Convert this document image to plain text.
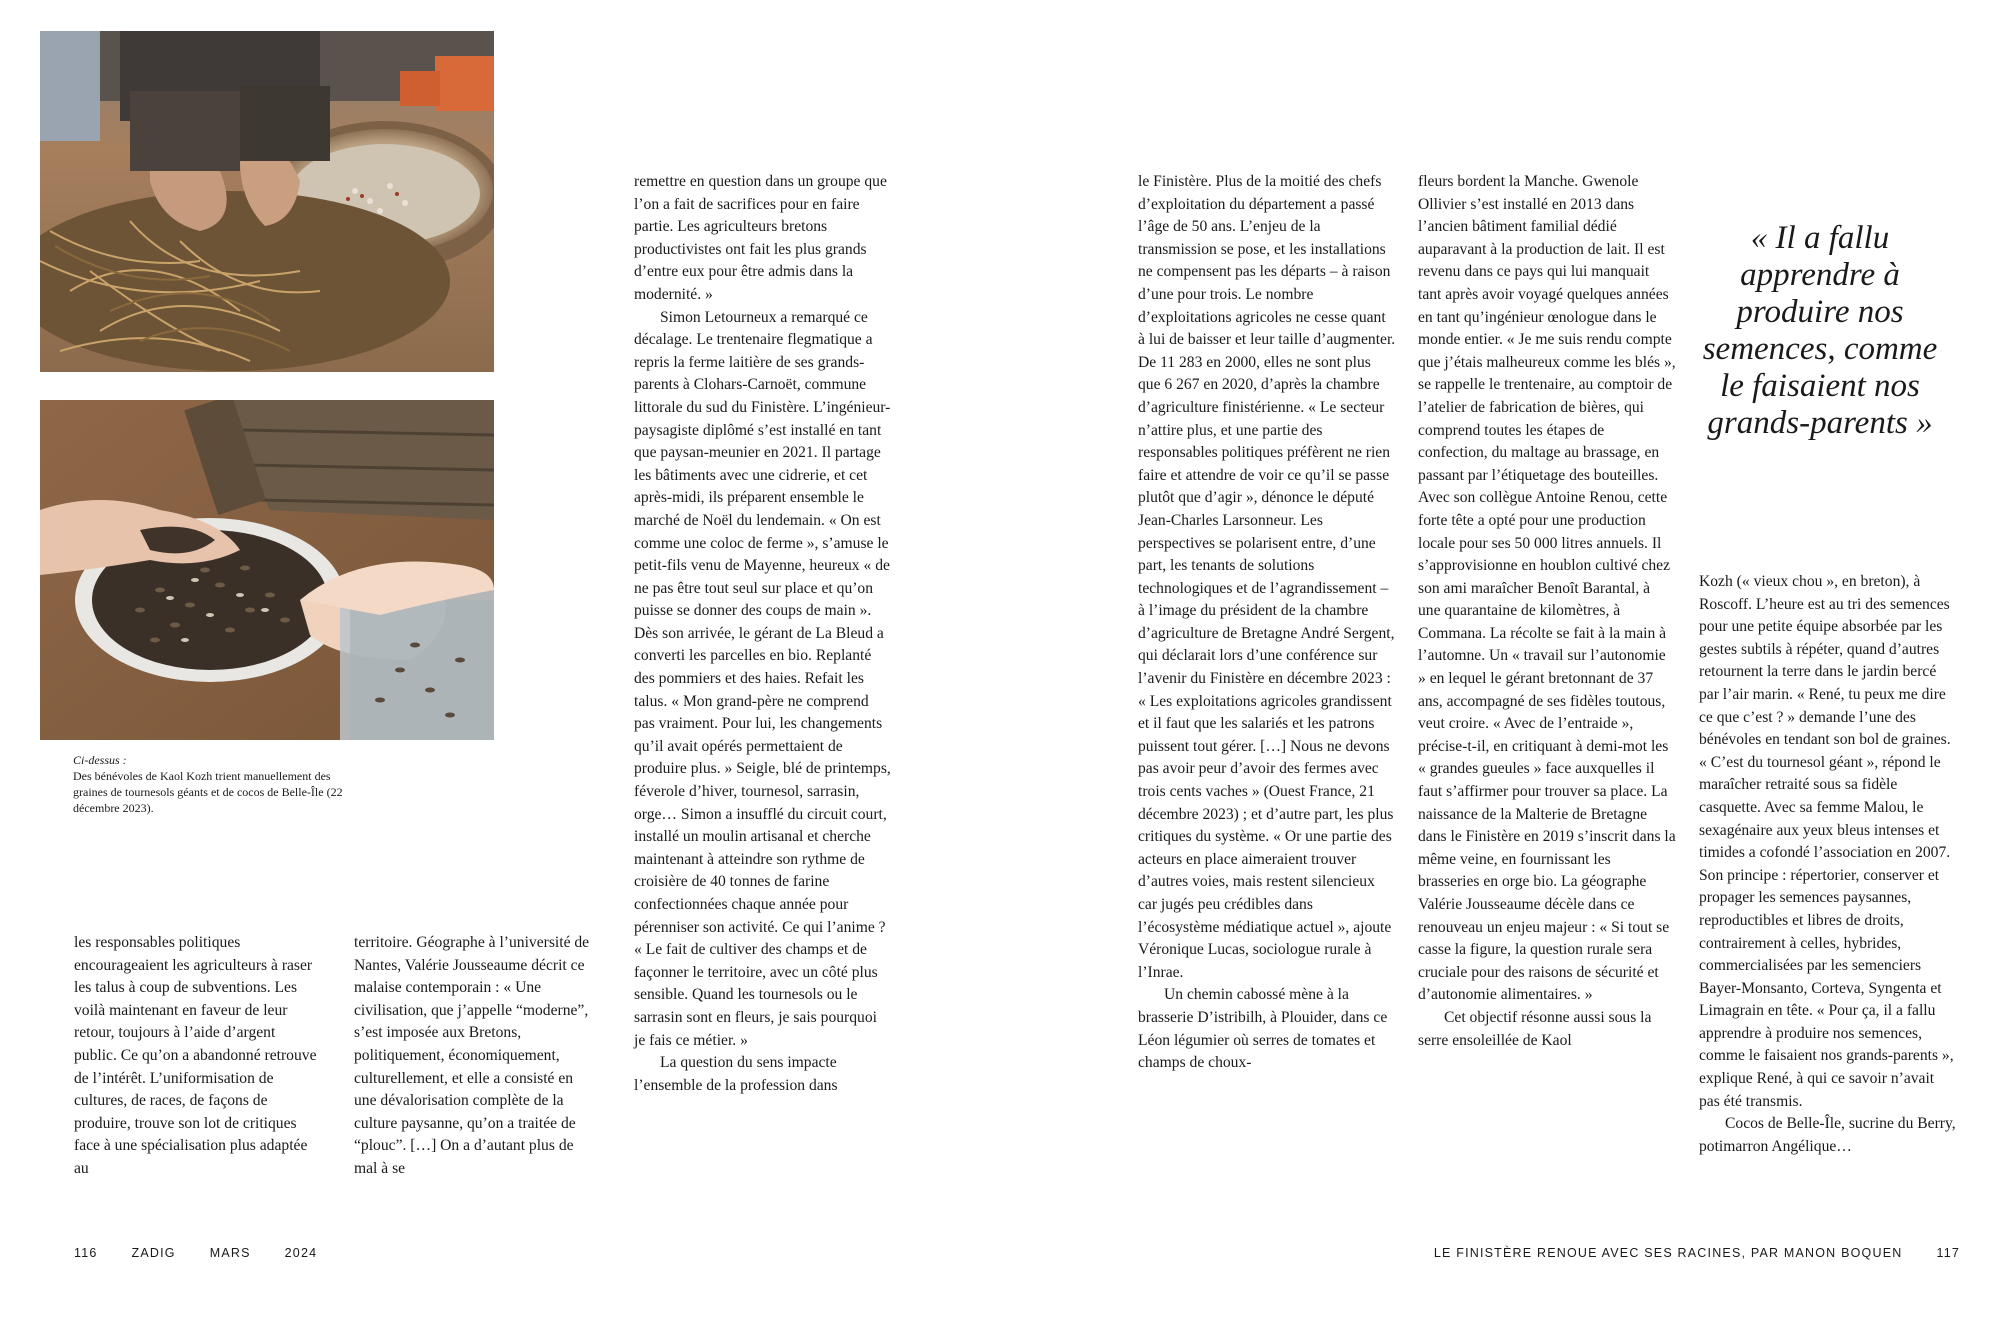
Ci-dessus :
Des bénévoles de Kaol Kozh trient manuellement des graines de tournesols géants et de cocos de Belle-Île (22 décembre 2023).

les responsables politiques encourageaient les agriculteurs à raser les talus à coup de subventions. Les voilà maintenant en faveur de leur retour, toujours à l’aide d’argent public. Ce qu’on a abandonné retrouve de l’intérêt. L’uniformisation de cultures, de races, de façons de produire, trouve son lot de critiques face à une spécialisation plus adaptée au

territoire. Géographe à l’université de Nantes, Valérie Jousseaume décrit ce malaise contemporain : « Une civilisation, que j’appelle “moderne”, s’est imposée aux Bretons, politiquement, économiquement, culturellement, et elle a consisté en une dévalorisation complète de la culture paysanne, qu’on a traitée de “plouc”. […] On a d’autant plus de mal à se

remettre en question dans un groupe que l’on a fait de sacrifices pour en faire partie. Les agriculteurs bretons productivistes ont fait les plus grands d’entre eux pour être admis dans la modernité. »

Simon Letourneux a remarqué ce décalage. Le trentenaire flegmatique a repris la ferme laitière de ses grands-parents à Clohars-Carnoët, commune littorale du sud du Finistère. L’ingénieur-paysagiste diplômé s’est installé en tant que paysan-meunier en 2021. Il partage les bâtiments avec une cidrerie, et cet après-midi, ils préparent ensemble le marché de Noël du lendemain. « On est comme une coloc de ferme », s’amuse le petit-fils venu de Mayenne, heureux « de ne pas être tout seul sur place et qu’on puisse se donner des coups de main ». Dès son arrivée, le gérant de La Bleud a converti les parcelles en bio. Replanté des pommiers et des haies. Refait les talus. « Mon grand-père ne comprend pas vraiment. Pour lui, les changements qu’il avait opérés permettaient de produire plus. » Seigle, blé de printemps, féverole d’hiver, tournesol, sarrasin, orge… Simon a insufflé du circuit court, installé un moulin artisanal et cherche maintenant à atteindre son rythme de croisière de 40 tonnes de farine confectionnées chaque année pour pérenniser son activité. Ce qui l’anime ? « Le fait de cultiver des champs et de façonner le territoire, avec un côté plus sensible. Quand les tournesols ou le sarrasin sont en fleurs, je sais pourquoi je fais ce métier. »

La question du sens impacte l’ensemble de la profession dans

le Finistère. Plus de la moitié des chefs d’exploitation du département a passé l’âge de 50 ans. L’enjeu de la transmission se pose, et les installations ne compensent pas les départs – à raison d’une pour trois. Le nombre d’exploitations agricoles ne cesse quant à lui de baisser et leur taille d’augmenter. De 11 283 en 2000, elles ne sont plus que 6 267 en 2020, d’après la chambre d’agriculture finistérienne. « Le secteur n’attire plus, et une partie des responsables politiques préfèrent ne rien faire et attendre de voir ce qu’il se passe plutôt que d’agir », dénonce le député Jean-Charles Larsonneur. Les perspectives se polarisent entre, d’une part, les tenants de solutions technologiques et de l’agrandissement – à l’image du président de la chambre d’agriculture de Bretagne André Sergent, qui déclarait lors d’une conférence sur l’avenir du Finistère en décembre 2023 : « Les exploitations agricoles grandissent et il faut que les salariés et les patrons puissent tout gérer. […] Nous ne devons pas avoir peur d’avoir des fermes avec trois cents vaches » (Ouest France, 21 décembre 2023) ; et d’autre part, les plus critiques du système. « Or une partie des acteurs en place aimeraient trouver d’autres voies, mais restent silencieux car jugés peu crédibles dans l’écosystème médiatique actuel », ajoute Véronique Lucas, sociologue rurale à l’Inrae.

Un chemin cabossé mène à la brasserie D’istribilh, à Plouider, dans ce Léon légumier où serres de tomates et champs de choux-

fleurs bordent la Manche. Gwenole Ollivier s’est installé en 2013 dans l’ancien bâtiment familial dédié auparavant à la production de lait. Il est revenu dans ce pays qui lui manquait tant après avoir voyagé quelques années en tant qu’ingénieur œnologue dans le monde entier. « Je me suis rendu compte que j’étais malheureux comme les blés », se rappelle le trentenaire, au comptoir de l’atelier de fabrication de bières, qui comprend toutes les étapes de confection, du maltage au brassage, en passant par l’étiquetage des bouteilles. Avec son collègue Antoine Renou, cette forte tête a opté pour une production locale pour ses 50 000 litres annuels. Il s’approvisionne en houblon cultivé chez son ami maraîcher Benoît Barantal, à une quarantaine de kilomètres, à Commana. La récolte se fait à la main à l’automne. Un « travail sur l’autonomie » en lequel le gérant bretonnant de 37 ans, accompagné de ses fidèles toutous, veut croire. « Avec de l’entraide », précise-t-il, en critiquant à demi-mot les « grandes gueules » face auxquelles il faut s’affirmer pour trouver sa place. La naissance de la Malterie de Bretagne dans le Finistère en 2019 s’inscrit dans la même veine, en fournissant les brasseries en orge bio. La géographe Valérie Jousseaume décèle dans ce renouveau un enjeu majeur : « Si tout se casse la figure, la question rurale sera cruciale pour des raisons de sécurité et d’autonomie alimentaires. »

Cet objectif résonne aussi sous la serre ensoleillée de Kaol

« Il a fallu apprendre à produire nos semences, comme le faisaient nos grands-parents »

Kozh (« vieux chou », en breton), à Roscoff. L’heure est au tri des semences pour une petite équipe absorbée par les gestes subtils à répéter, quand d’autres retournent la terre dans le jardin bercé par l’air marin. « René, tu peux me dire ce que c’est ? » demande l’une des bénévoles en tendant son bol de graines. « C’est du tournesol géant », répond le maraîcher retraité sous sa fidèle casquette. Avec sa femme Malou, le sexagénaire aux yeux bleus intenses et timides a cofondé l’association en 2007. Son principe : répertorier, conserver et propager les semences paysannes, reproductibles et libres de droits, contrairement à celles, hybrides, commercialisées par les semenciers Bayer-Monsanto, Corteva, Syngenta et Limagrain en tête. « Pour ça, il a fallu apprendre à produire nos semences, comme le faisaient nos grands-parents », explique René, à qui ce savoir n’avait pas été transmis.

Cocos de Belle-Île, sucrine du Berry, potimarron Angélique…

116	ZADIG	MARS	2024	LE FINISTÈRE RENOUE AVEC SES RACINES, PAR MANON BOQUEN	117
